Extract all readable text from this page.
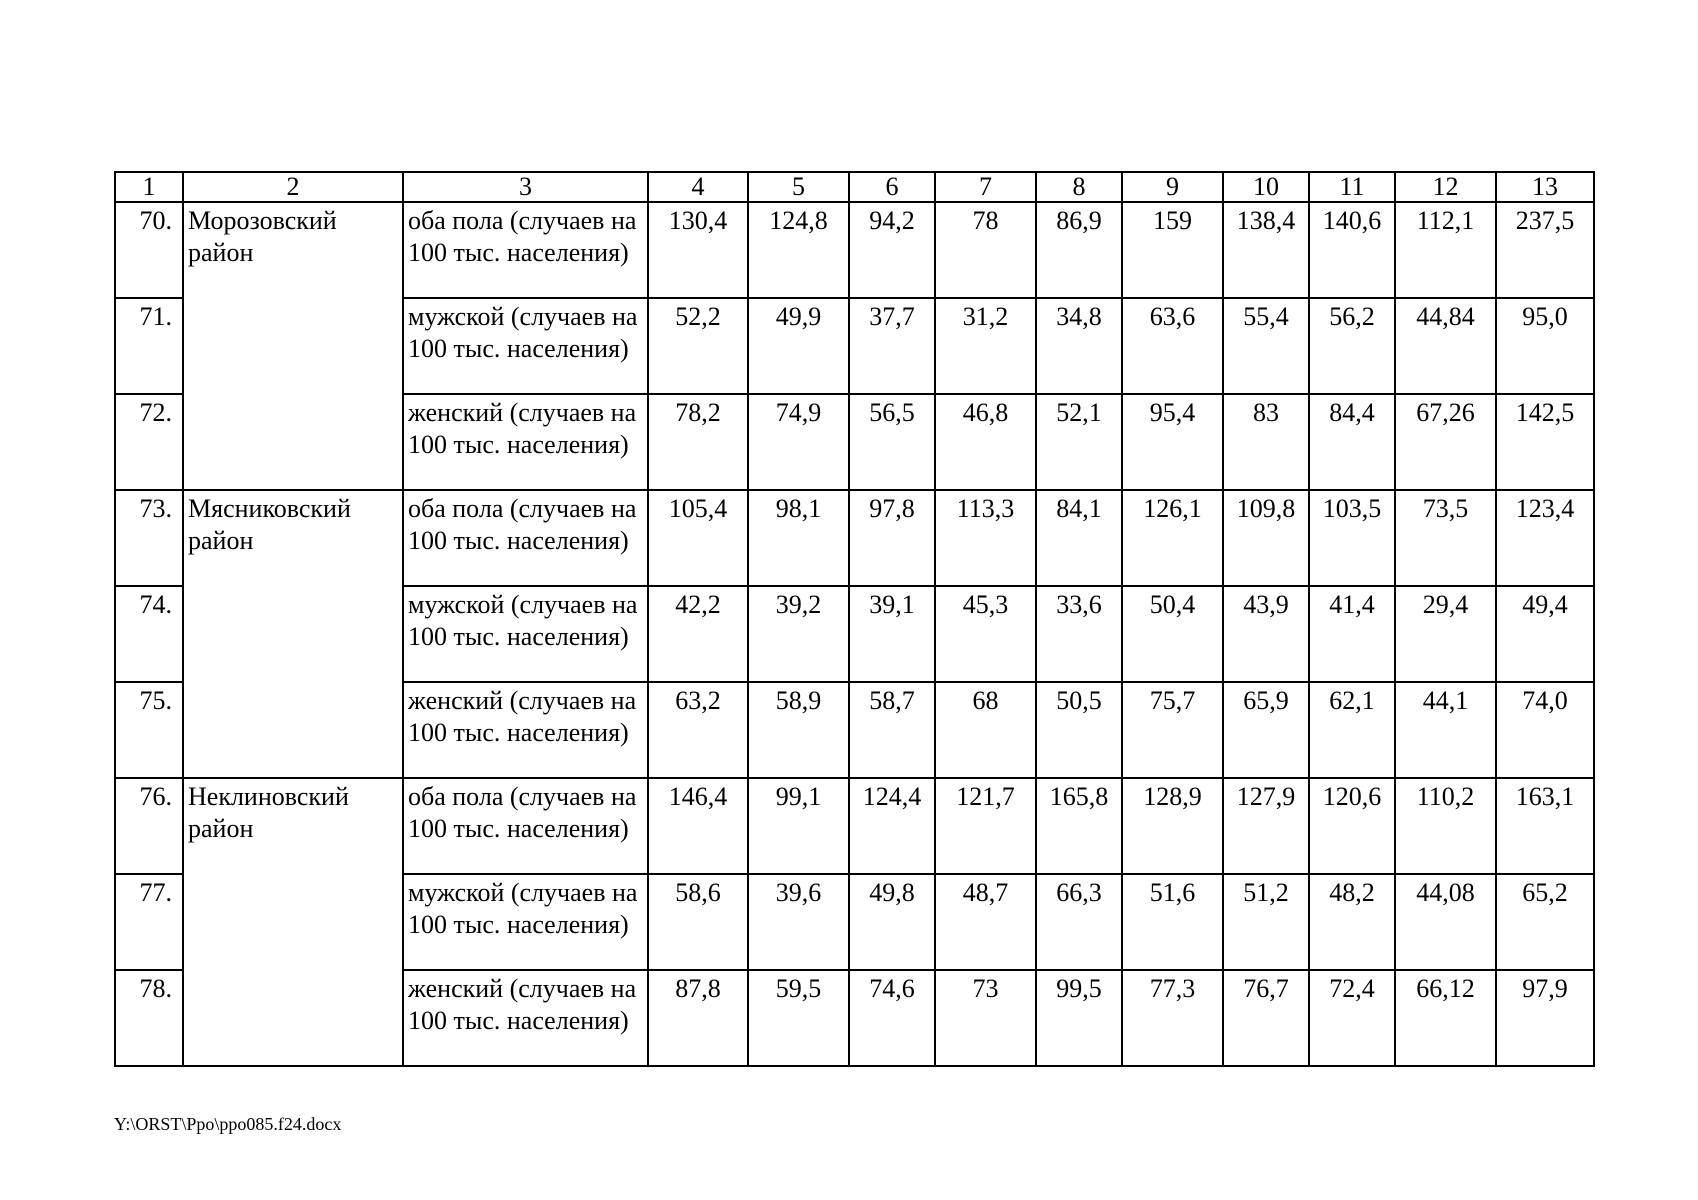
1	2	3	4	5	6	7	8	9	10	11	12	13
70.	Морозовский район	оба пола (случаев на 100 тыс. населения)	130,4	124,8	94,2	78	86,9	159	138,4	140,6	112,1	237,5
71.		мужской (случаев на 100 тыс. населения)	52,2	49,9	37,7	31,2	34,8	63,6	55,4	56,2	44,84	95,0
72.		женский (случаев на 100 тыс. населения)	78,2	74,9	56,5	46,8	52,1	95,4	83	84,4	67,26	142,5
73.	Мясниковский район	оба пола (случаев на 100 тыс. населения)	105,4	98,1	97,8	113,3	84,1	126,1	109,8	103,5	73,5	123,4
74.		мужской (случаев на 100 тыс. населения)	42,2	39,2	39,1	45,3	33,6	50,4	43,9	41,4	29,4	49,4
75.		женский (случаев на 100 тыс. населения)	63,2	58,9	58,7	68	50,5	75,7	65,9	62,1	44,1	74,0
76.	Неклиновский район	оба пола (случаев на 100 тыс. населения)	146,4	99,1	124,4	121,7	165,8	128,9	127,9	120,6	110,2	163,1
77.		мужской (случаев на 100 тыс. населения)	58,6	39,6	49,8	48,7	66,3	51,6	51,2	48,2	44,08	65,2
78.		женский (случаев на 100 тыс. населения)	87,8	59,5	74,6	73	99,5	77,3	76,7	72,4	66,12	97,9
Y:\ORST\Ppo\ppo085.f24.docx
